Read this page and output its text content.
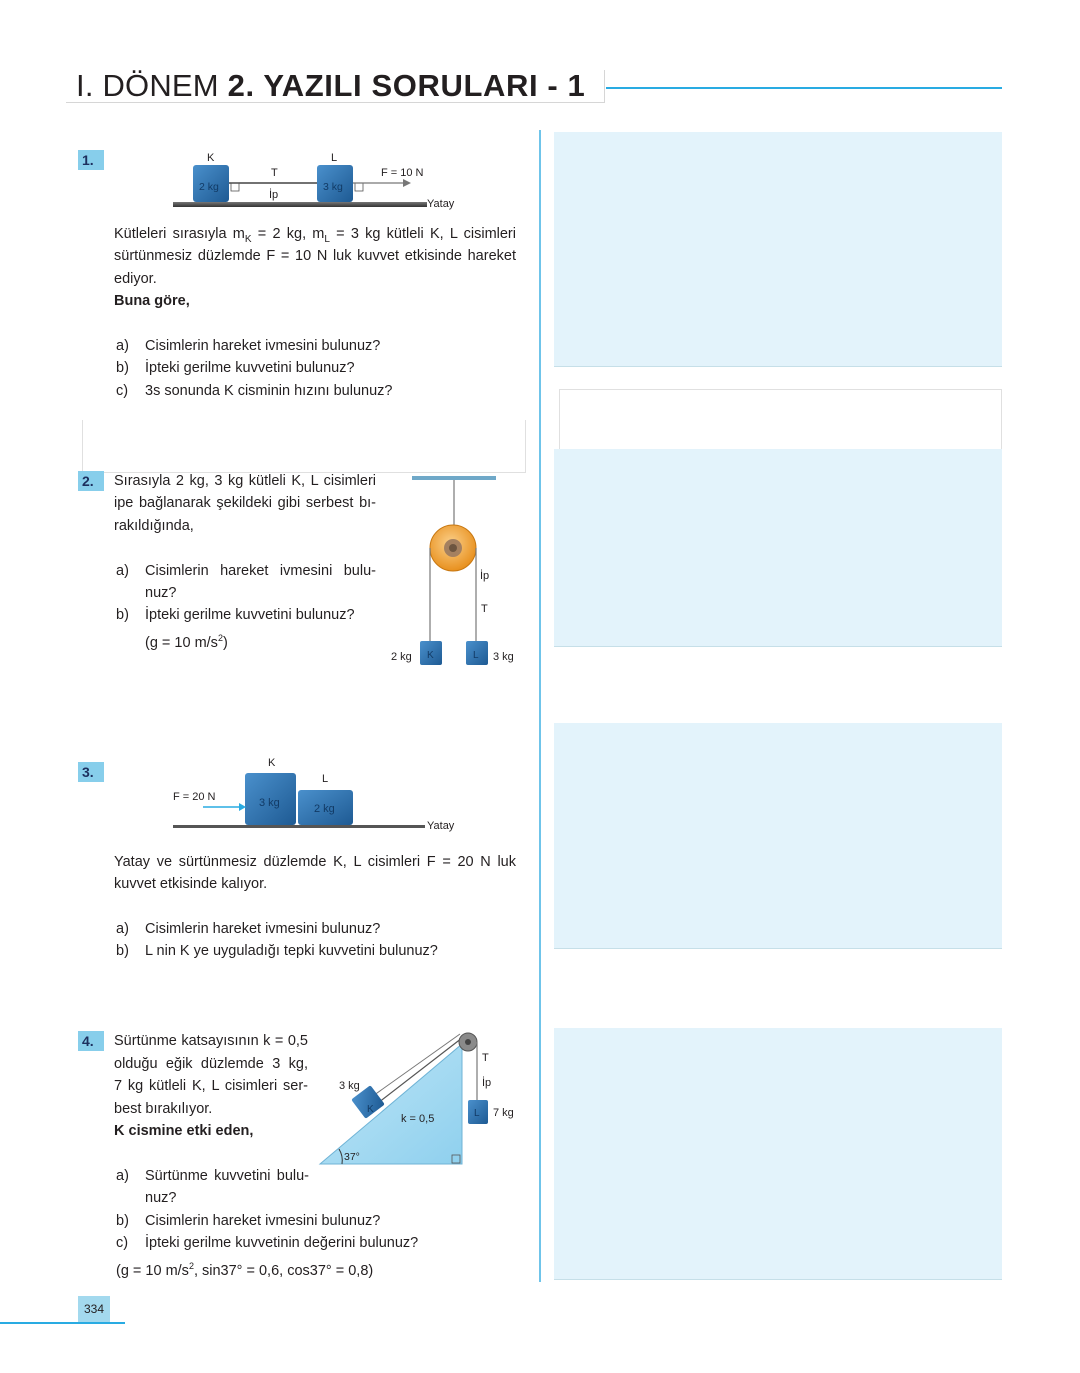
I. DÖNEM 2. YAZILI SORULARI - 1
1.	K	L
2 kg	3 kg
T
İp
F = 10 N
Yatay
Kütleleri sırasıyla $m_K = 2$ kg, $m_L = 3$ kg kütleli K, L cisimleri
sürtünmesiz düzlemde F = 10 N luk kuvvet etkisinde hareket
ediyor.
Buna göre,
a) Cisimlerin hareket ivmesini bulunuz?
b) İpteki gerilme kuvvetini bulunuz?
c) 3s sonunda K cisminin hızını bulunuz?
2.	Sırasıyla 2 kg, 3 kg kütleli K, L cisimleri
ipe bağlanarak şekildeki gibi serbest bı-
rakıldığında,
a) Cisimlerin hareket ivmesini bulu-
nuz?
b) İpteki gerilme kuvvetini bulunuz?
(g = 10 $m/s^2$)
İp
T
2 kg K	L 3 kg
3.
K
L
3 kg	2 kg
F = 20 N
Yatay
Yatay ve sürtünmesiz düzlemde K, L cisimleri F = 20 N luk
kuvvet etkisinde kalıyor.
a) Cisimlerin hareket ivmesini bulunuz?
b) L nin K ye uyguladığı tepki kuvvetini bulunuz?
4.	Sürtünme katsayısının k = 0,5
olduğu eğik düzlemde 3 kg,
7 kg kütleli K, L cisimleri ser-
best bırakılıyor.
K cismine etki eden,
a) Sürtünme kuvvetini bulu-
nuz?
b) Cisimlerin hareket ivmesini bulunuz?
c) İpteki gerilme kuvvetinin değerini bulunuz?
(g = 10 $m/s^2$, sin37° = 0,6, cos37° = 0,8)
3 kg
K
k = 0,5
37°
T
İp
L 7 kg
334
